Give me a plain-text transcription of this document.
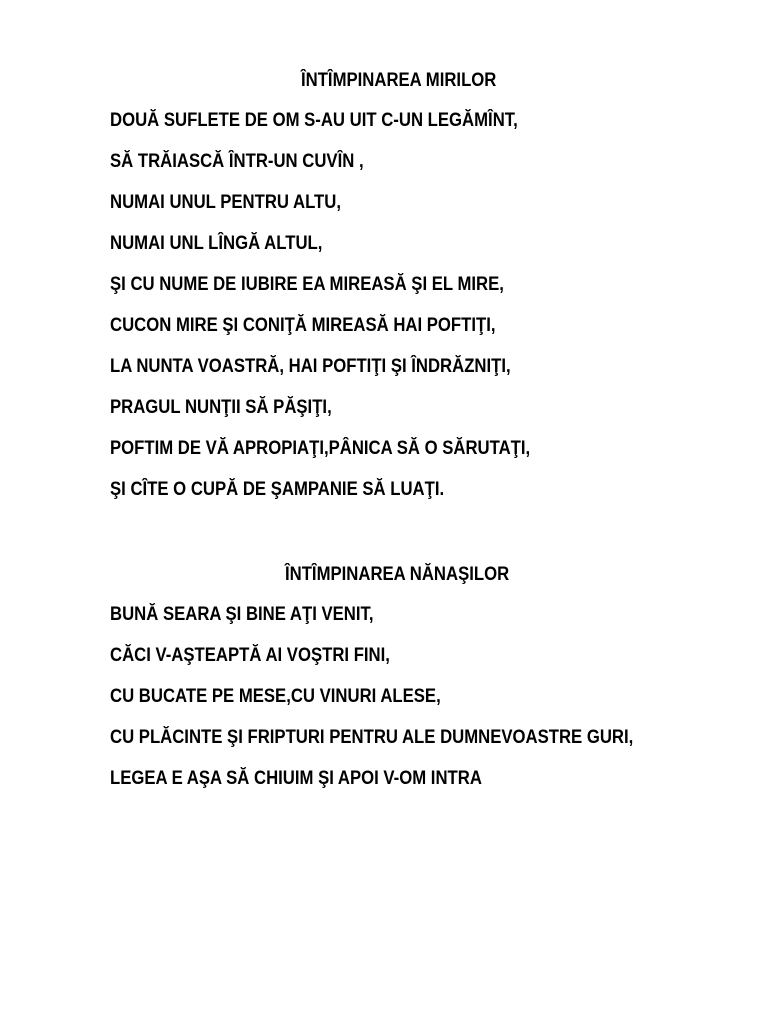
ÎNTÎMPINAREA MIRILOR
DOUĂ SUFLETE DE OM S-AU UIT C-UN LEGĂMÎNT,
SĂ TRĂIASCĂ ÎNTR-UN CUVÎN ,
NUMAI UNUL PENTRU ALTU,
NUMAI UNL LÎNGĂ ALTUL,
ŞI CU NUME DE IUBIRE EA MIREASĂ ŞI EL MIRE,
CUCON MIRE ŞI CONIŢĂ MIREASĂ HAI POFTIŢI,
LA NUNTA VOASTRĂ, HAI POFTIŢI ŞI ÎNDRĂZNIŢI,
PRAGUL NUNŢII SĂ PĂŞIŢI,
POFTIM DE VĂ APROPIAŢI,PÂNICA SĂ O SĂRUTAŢI,
ŞI CÎTE O CUPĂ DE ŞAMPANIE SĂ LUAŢI.
ÎNTÎMPINAREA NĂNAŞILOR
BUNĂ SEARA ŞI BINE AŢI VENIT,
CĂCI V-AŞTEAPTĂ AI VOŞTRI FINI,
CU BUCATE PE MESE,CU VINURI ALESE,
CU PLĂCINTE ŞI FRIPTURI PENTRU ALE DUMNEVOASTRE GURI,
LEGEA E AŞA SĂ CHIUIM ŞI APOI V-OM INTRA
